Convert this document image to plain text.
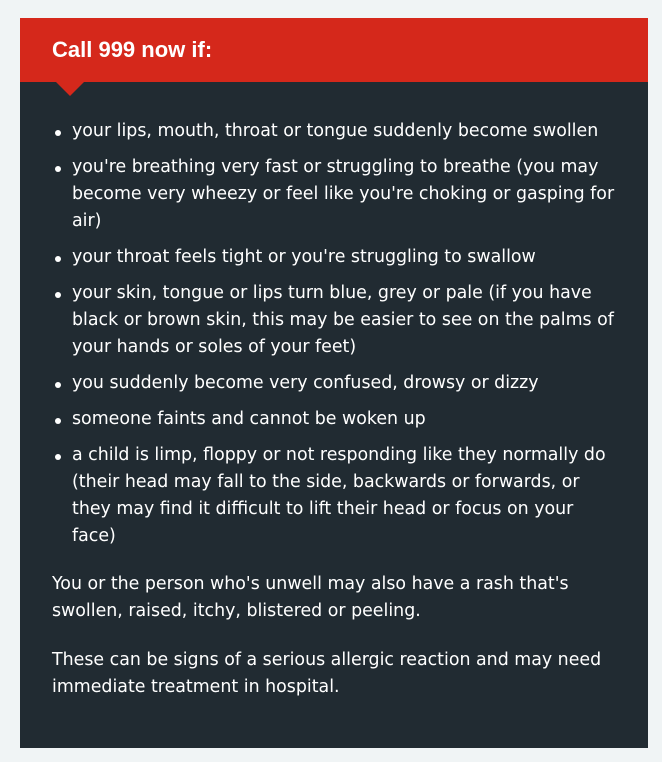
Call 999 now if:
your lips, mouth, throat or tongue suddenly become swollen
you're breathing very fast or struggling to breathe (you may become very wheezy or feel like you're choking or gasping for air)
your throat feels tight or you're struggling to swallow
your skin, tongue or lips turn blue, grey or pale (if you have black or brown skin, this may be easier to see on the palms of your hands or soles of your feet)
you suddenly become very confused, drowsy or dizzy
someone faints and cannot be woken up
a child is limp, floppy or not responding like they normally do (their head may fall to the side, backwards or forwards, or they may find it difficult to lift their head or focus on your face)

You or the person who's unwell may also have a rash that's swollen, raised, itchy, blistered or peeling.

These can be signs of a serious allergic reaction and may need immediate treatment in hospital.
